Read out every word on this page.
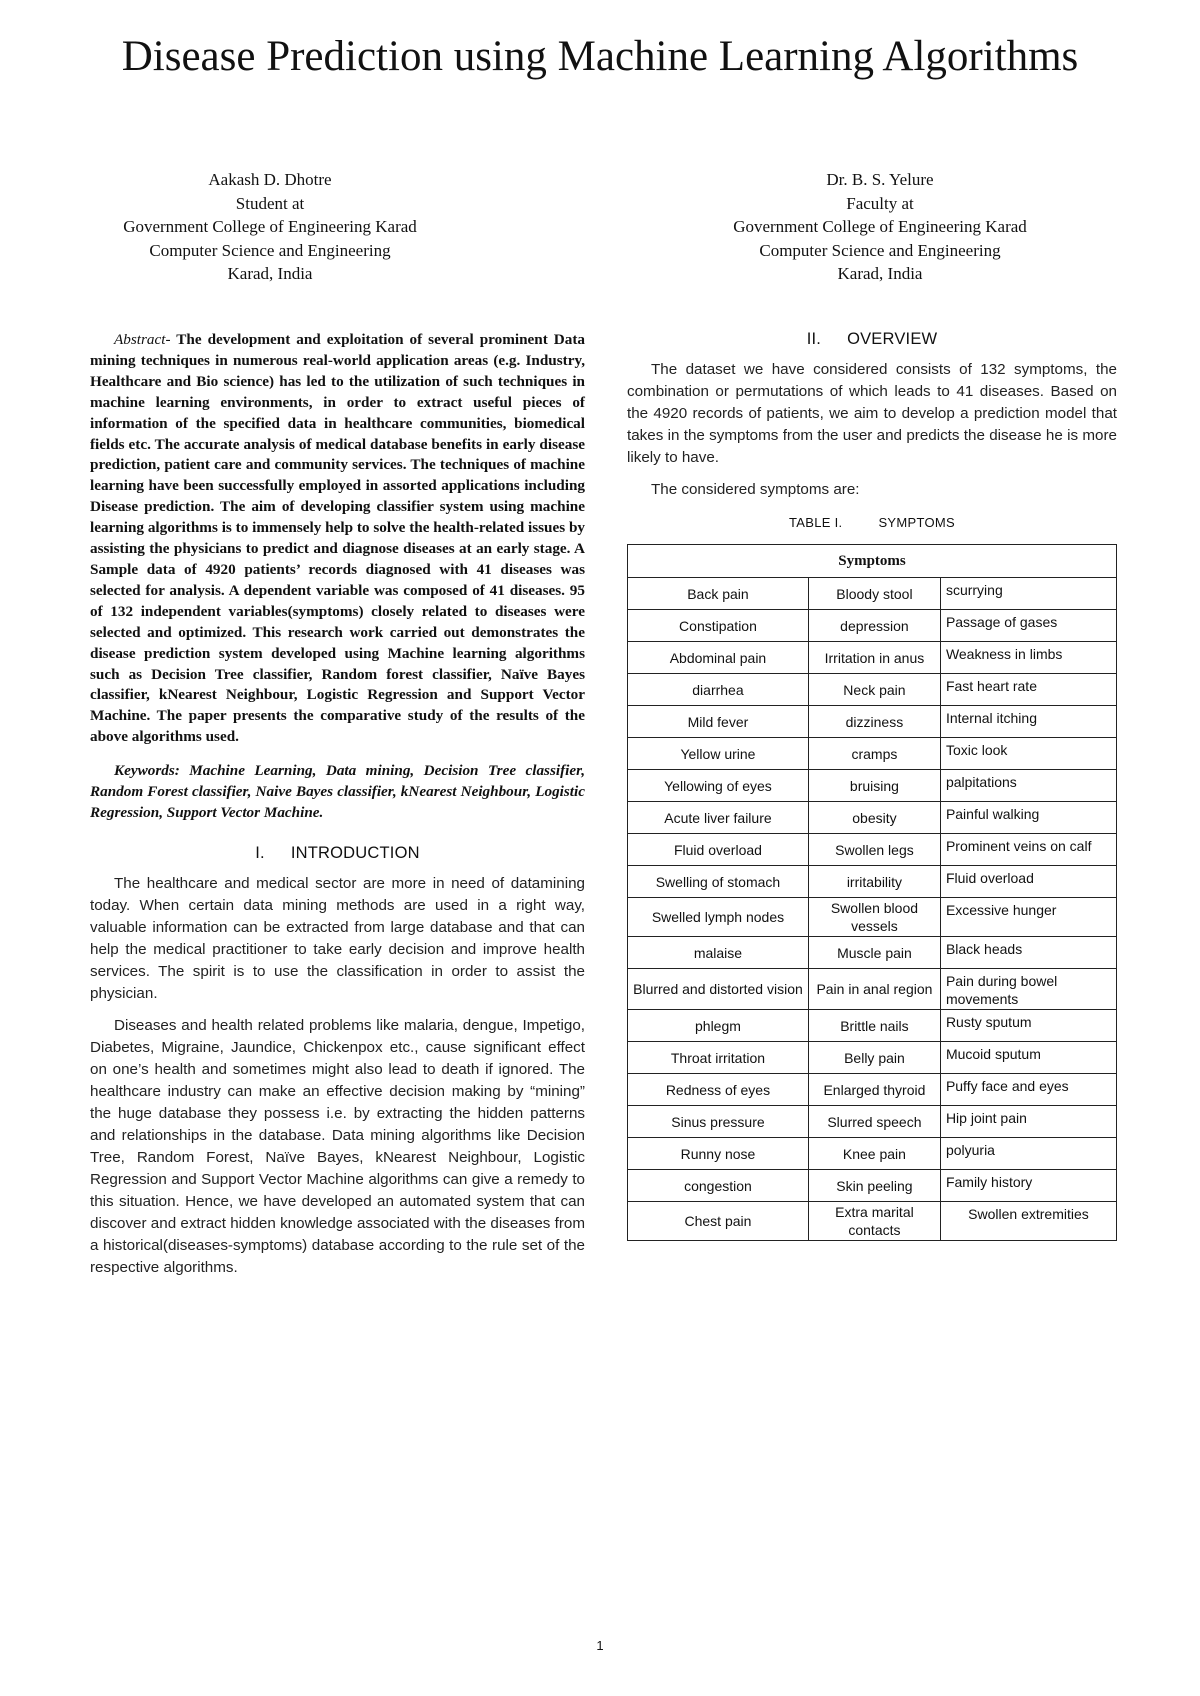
Disease Prediction using Machine Learning Algorithms
Aakash D. Dhotre
Student at
Government College of Engineering Karad
Computer Science and Engineering
Karad, India
Dr. B. S. Yelure
Faculty at
Government College of Engineering Karad
Computer Science and Engineering
Karad, India

Abstract- The development and exploitation of several prominent Data mining techniques in numerous real-world application areas (e.g. Industry, Healthcare and Bio science) has led to the utilization of such techniques in machine learning environments, in order to extract useful pieces of information of the specified data in healthcare communities, biomedical fields etc. The accurate analysis of medical database benefits in early disease prediction, patient care and community services. The techniques of machine learning have been successfully employed in assorted applications including Disease prediction. The aim of developing classifier system using machine learning algorithms is to immensely help to solve the health-related issues by assisting the physicians to predict and diagnose diseases at an early stage. A Sample data of 4920 patients’ records diagnosed with 41 diseases was selected for analysis. A dependent variable was composed of 41 diseases. 95 of 132 independent variables(symptoms) closely related to diseases were selected and optimized. This research work carried out demonstrates the disease prediction system developed using Machine learning algorithms such as Decision Tree classifier, Random forest classifier, Naïve Bayes classifier, kNearest Neighbour, Logistic Regression and Support Vector Machine. The paper presents the comparative study of the results of the above algorithms used.

Keywords: Machine Learning, Data mining, Decision Tree classifier, Random Forest classifier, Naive Bayes classifier, kNearest Neighbour, Logistic Regression, Support Vector Machine.

I. INTRODUCTION

The healthcare and medical sector are more in need of datamining today. When certain data mining methods are used in a right way, valuable information can be extracted from large database and that can help the medical practitioner to take early decision and improve health services. The spirit is to use the classification in order to assist the physician.

Diseases and health related problems like malaria, dengue, Impetigo, Diabetes, Migraine, Jaundice, Chickenpox etc., cause significant effect on one’s health and sometimes might also lead to death if ignored. The healthcare industry can make an effective decision making by “mining” the huge database they possess i.e. by extracting the hidden patterns and relationships in the database. Data mining algorithms like Decision Tree, Random Forest, Naïve Bayes, kNearest Neighbour, Logistic Regression and Support Vector Machine algorithms can give a remedy to this situation. Hence, we have developed an automated system that can discover and extract hidden knowledge associated with the diseases from a historical(diseases-symptoms) database according to the rule set of the respective algorithms.

II. OVERVIEW

The dataset we have considered consists of 132 symptoms, the combination or permutations of which leads to 41 diseases. Based on the 4920 records of patients, we aim to develop a prediction model that takes in the symptoms from the user and predicts the disease he is more likely to have.

The considered symptoms are:

TABLE I.	SYMPTOMS
Symptoms		
Back pain	Bloody stool	scurrying
Constipation	depression	Passage of gases
Abdominal pain	Irritation in anus	Weakness in limbs
diarrhea	Neck pain	Fast heart rate
Mild fever	dizziness	Internal itching
Yellow urine	cramps	Toxic look
Yellowing of eyes	bruising	palpitations
Acute liver failure	obesity	Painful walking
Fluid overload	Swollen legs	Prominent veins on calf
Swelling of stomach	irritability	Fluid overload
Swelled lymph nodes	Swollen blood vessels	Excessive hunger
malaise	Muscle pain	Black heads
Blurred and distorted vision	Pain in anal region	Pain during bowel movements
phlegm	Brittle nails	Rusty sputum
Throat irritation	Belly pain	Mucoid sputum
Redness of eyes	Enlarged thyroid	Puffy face and eyes
Sinus pressure	Slurred speech	Hip joint pain
Runny nose	Knee pain	polyuria
congestion	Skin peeling	Family history
Chest pain	Extra marital contacts	Swollen extremities
1
